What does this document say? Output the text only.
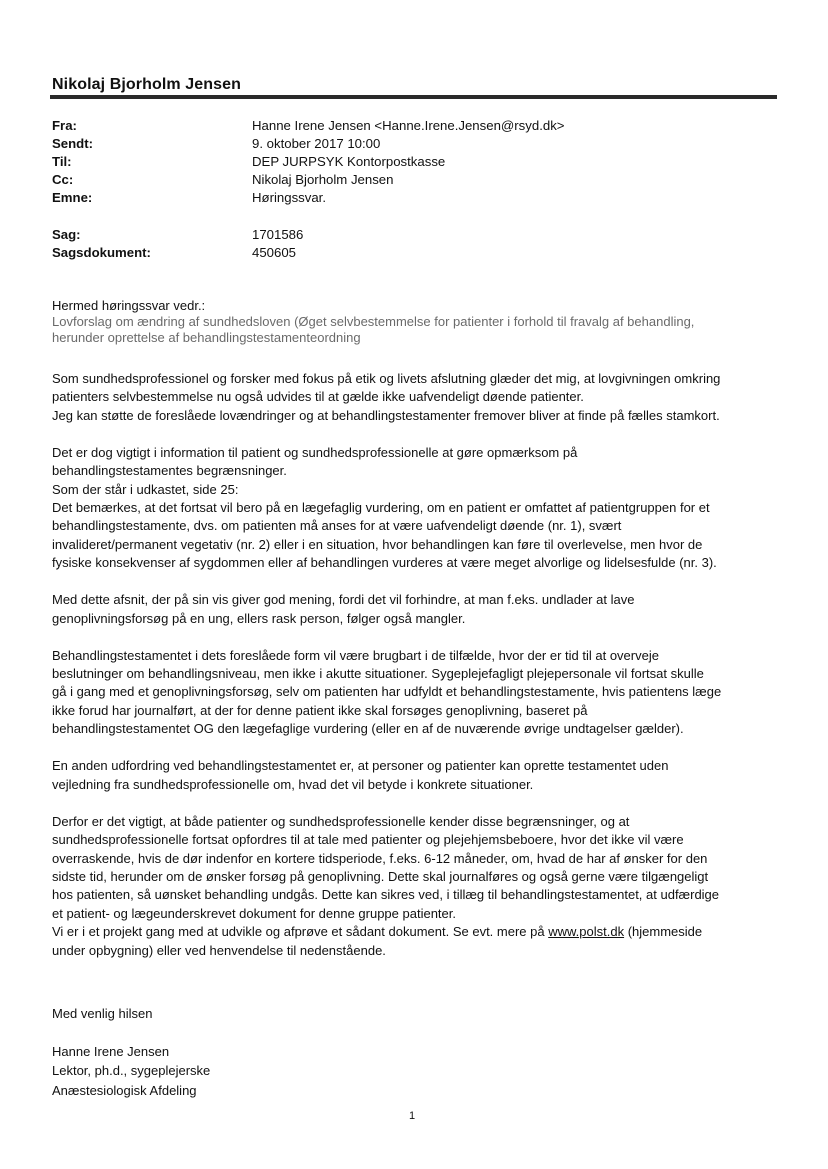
Nikolaj Bjorholm Jensen
Fra:	Hanne Irene Jensen <Hanne.Irene.Jensen@rsyd.dk>
Sendt:	9. oktober 2017 10:00
Til:	DEP JURPSYK Kontorpostkasse
Cc:	Nikolaj Bjorholm Jensen
Emne:	Høringssvar.
Sag:	1701586
Sagsdokument:	450605
Hermed høringssvar vedr.:
Lovforslag om ændring af sundhedsloven (Øget selvbestemmelse for patienter i forhold til fravalg af behandling,
herunder oprettelse af behandlingstestamenteordning

Som sundhedsprofessionel og forsker med fokus på etik og livets afslutning glæder det mig, at lovgivningen omkring
patienters selvbestemmelse nu også udvides til at gælde ikke uafvendeligt døende patienter.
Jeg kan støtte de foreslåede lovændringer og at behandlingstestamenter fremover bliver at finde på fælles stamkort.

Det er dog vigtigt i information til patient og sundhedsprofessionelle at gøre opmærksom på
behandlingstestamentes begrænsninger.
Som der står i udkastet, side 25:
Det bemærkes, at det fortsat vil bero på en lægefaglig vurdering, om en patient er omfattet af patientgruppen for et
behandlingstestamente, dvs. om patienten må anses for at være uafvendeligt døende (nr. 1), svært
invalideret/permanent vegetativ (nr. 2) eller i en situation, hvor behandlingen kan føre til overlevelse, men hvor de
fysiske konsekvenser af sygdommen eller af behandlingen vurderes at være meget alvorlige og lidelsesfulde (nr. 3).

Med dette afsnit, der på sin vis giver god mening, fordi det vil forhindre, at man f.eks. undlader at lave
genoplivningsforsøg på en ung, ellers rask person, følger også mangler.

Behandlingstestamentet i dets foreslåede form vil være brugbart i de tilfælde, hvor der er tid til at overveje
beslutninger om behandlingsniveau, men ikke i akutte situationer. Sygeplejefagligt plejepersonale vil fortsat skulle
gå i gang med et genoplivningsforsøg, selv om patienten har udfyldt et behandlingstestamente, hvis patientens læge
ikke forud har journalført, at der for denne patient ikke skal forsøges genoplivning, baseret på
behandlingstestamentet OG den lægefaglige vurdering (eller en af de nuværende øvrige undtagelser gælder).

En anden udfordring ved behandlingstestamentet er, at personer og patienter kan oprette testamentet uden
vejledning fra sundhedsprofessionelle om, hvad det vil betyde i konkrete situationer.

Derfor er det vigtigt, at både patienter og sundhedsprofessionelle kender disse begrænsninger, og at
sundhedsprofessionelle fortsat opfordres til at tale med patienter og plejehjemsbeboere, hvor det ikke vil være
overraskende, hvis de dør indenfor en kortere tidsperiode, f.eks. 6-12 måneder, om, hvad de har af ønsker for den
sidste tid, herunder om de ønsker forsøg på genoplivning. Dette skal journalføres og også gerne være tilgængeligt
hos patienten, så uønsket behandling undgås. Dette kan sikres ved, i tillæg til behandlingstestamentet, at udfærdige
et patient- og lægeunderskrevet dokument for denne gruppe patienter.
Vi er i et projekt gang med at udvikle og afprøve et sådant dokument. Se evt. mere på www.polst.dk (hjemmeside
under opbygning) eller ved henvendelse til nedenstående.

Med venlig hilsen
Hanne Irene Jensen
Lektor, ph.d., sygeplejerske
Anæstesiologisk Afdeling
1
